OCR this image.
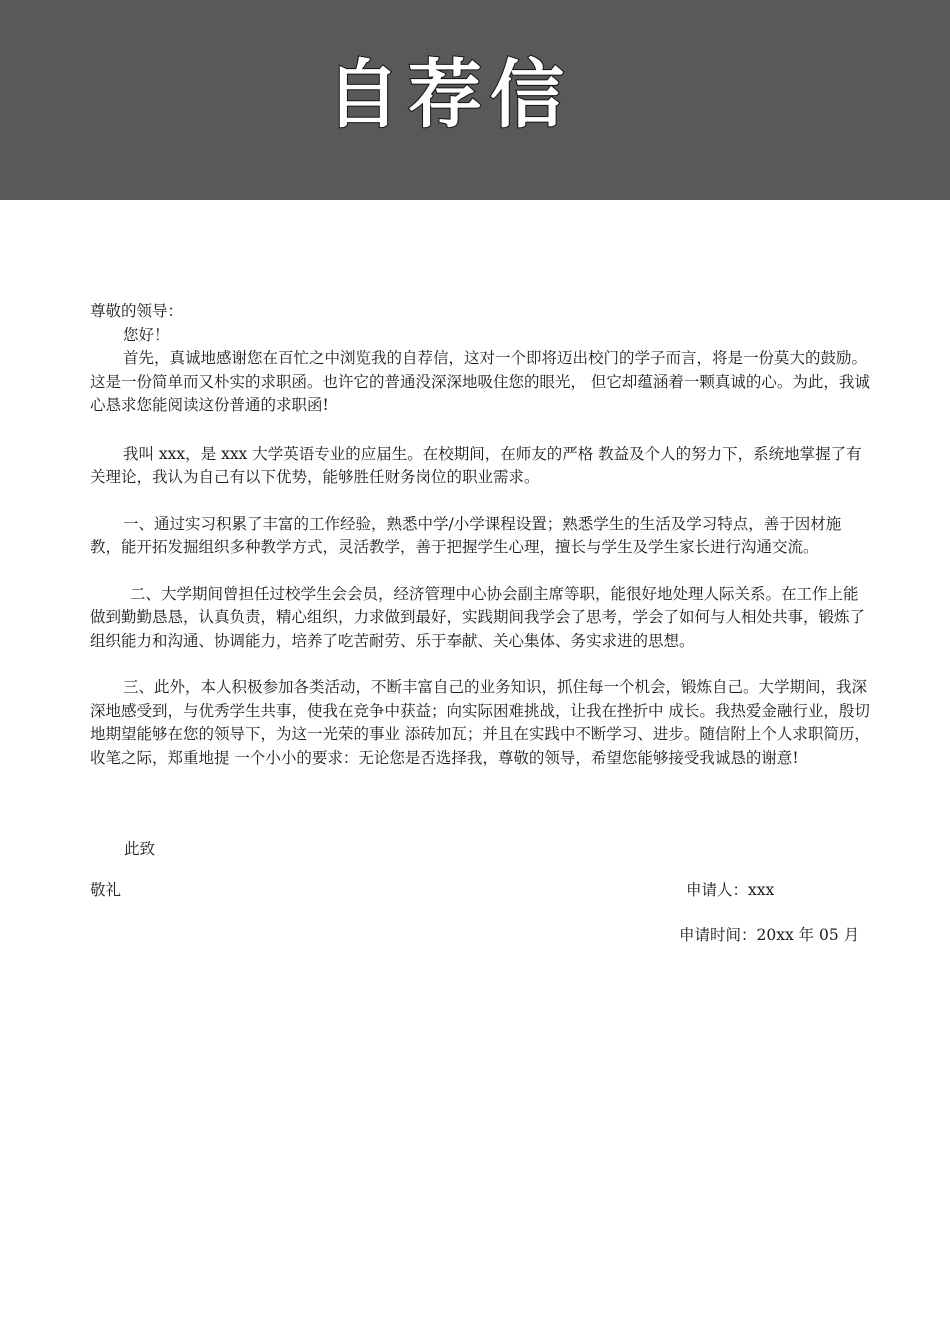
自荐信

尊敬的领导：

您好！

首先，真诚地感谢您在百忙之中浏览我的自荐信，这对一个即将迈出校门的学子而言，将是一份莫大的鼓励。这是一份简单而又朴实的求职函。也许它的普通没深深地吸住您的眼光， 但它却蕴涵着一颗真诚的心。为此，我诚心恳求您能阅读这份普通的求职函!

我叫 xxx，是 xxx 大学英语专业的应届生。在校期间，在师友的严格 教益及个人的努力下，系统地掌握了有关理论，我认为自己有以下优势，能够胜任财务岗位的职业需求。

一、通过实习积累了丰富的工作经验，熟悉中学/小学课程设置；熟悉学生的生活及学习特点，善于因材施教，能开拓发掘组织多种教学方式，灵活教学，善于把握学生心理，擅长与学生及学生家长进行沟通交流。

二、大学期间曾担任过校学生会会员，经济管理中心协会副主席等职，能很好地处理人际关系。在工作上能做到勤勤恳恳，认真负责，精心组织，力求做到最好，实践期间我学会了思考，学会了如何与人相处共事，锻炼了组织能力和沟通、协调能力，培养了吃苦耐劳、乐于奉献、关心集体、务实求进的思想。

三、此外，本人积极参加各类活动，不断丰富自己的业务知识，抓住每一个机会，锻炼自己。大学期间，我深深地感受到，与优秀学生共事，使我在竞争中获益；向实际困难挑战，让我在挫折中 成长。我热爱金融行业，殷切地期望能够在您的领导下，为这一光荣的事业 添砖加瓦；并且在实践中不断学习、进步。随信附上个人求职简历，收笔之际，郑重地提 一个小小的要求：无论您是否选择我，尊敬的领导，希望您能够接受我诚恳的谢意!

此致
敬礼	申请人：xxx
申请时间：20xx 年 05 月
